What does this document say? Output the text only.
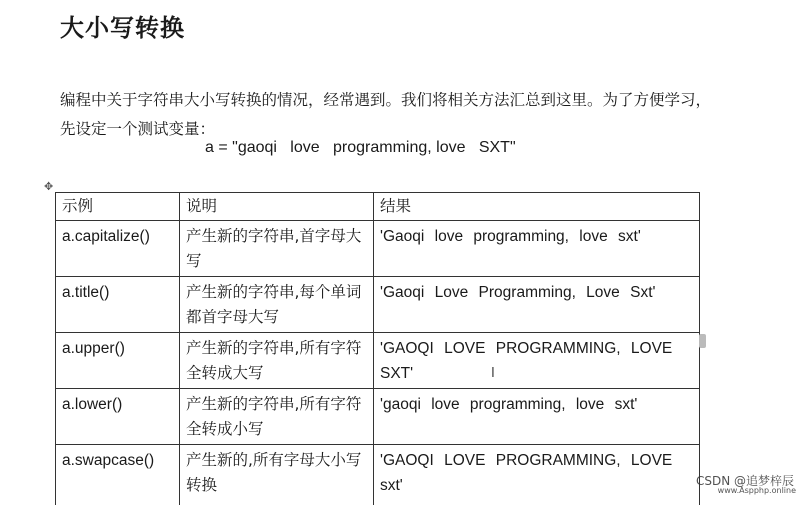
大小写转换
编程中关于字符串大小写转换的情况，经常遇到。我们将相关方法汇总到这里。为了方便学习，先设定一个测试变量：
a = "gaoqi   love   programming, love   SXT"
✥
示例	说明	结果
a.capitalize()	产生新的字符串,首字母大写	'Gaoqi love programming, love sxt'
a.title()	产生新的字符串,每个单词都首字母大写	'Gaoqi Love Programming, Love Sxt'
a.upper()	产生新的字符串,所有字符全转成大写	'GAOQI LOVE PROGRAMMING, LOVE SXT'
a.lower()	产生新的字符串,所有字符全转成小写	'gaoqi love programming, love sxt'
a.swapcase()	产生新的,所有字母大小写转换	'GAOQI LOVE PROGRAMMING, LOVE sxt'
I
CSDN @追梦梓辰
www.Aspphp.online
